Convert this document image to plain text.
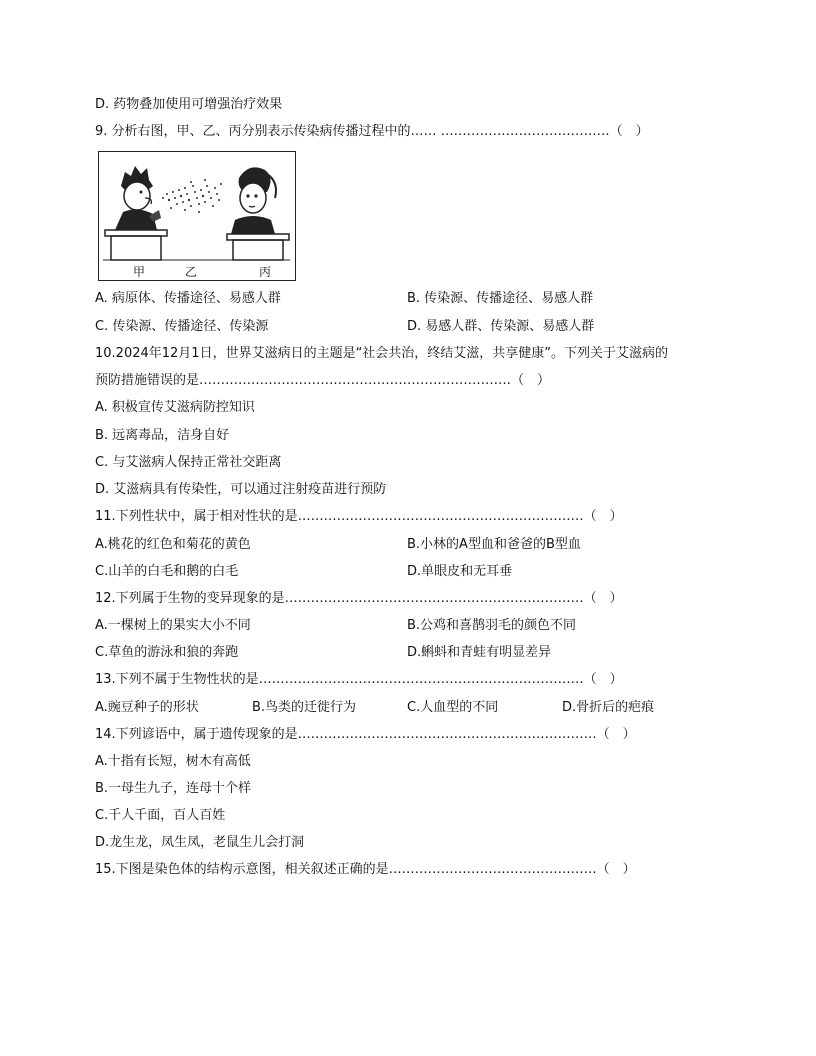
D. 药物叠加使用可增强治疗效果
9. 分析右图，甲、乙、丙分别表示传染病传播过程中的…… …………………………………（　）
甲	乙	丙
A. 病原体、传播途径、易感人群	B. 传染源、传播途径、易感人群
C. 传染源、传播途径、传染源	D. 易感人群、传染源、易感人群
10.2024年12月1日，世界艾滋病日的主题是“社会共治，终结艾滋，共享健康”。下列关于艾滋病的
预防措施错误的是………………………………………………………………（　）
A. 积极宣传艾滋病防控知识
B. 远离毒品，洁身自好
C. 与艾滋病人保持正常社交距离
D. 艾滋病具有传染性，可以通过注射疫苗进行预防
11.下列性状中，属于相对性状的是…………………………………………………………（　）
A.桃花的红色和菊花的黄色	B.小林的A型血和爸爸的B型血
C.山羊的白毛和鹅的白毛	D.单眼皮和无耳垂
12.下列属于生物的变异现象的是……………………………………………………………（　）
A.一棵树上的果实大小不同	B.公鸡和喜鹊羽毛的颜色不同
C.草鱼的游泳和狼的奔跑	D.蝌蚪和青蛙有明显差异
13.下列不属于生物性状的是…………………………………………………………………（　）
A.豌豆种子的形状	B.鸟类的迁徙行为	C.人血型的不同	D.骨折后的疤痕
14.下列谚语中，属于遗传现象的是……………………………………………………………（　）
A.十指有长短，树木有高低
B.一母生九子，连母十个样
C.千人千面，百人百姓
D.龙生龙，凤生凤，老鼠生儿会打洞
15.下图是染色体的结构示意图，相关叙述正确的是…………………………………………（　）
